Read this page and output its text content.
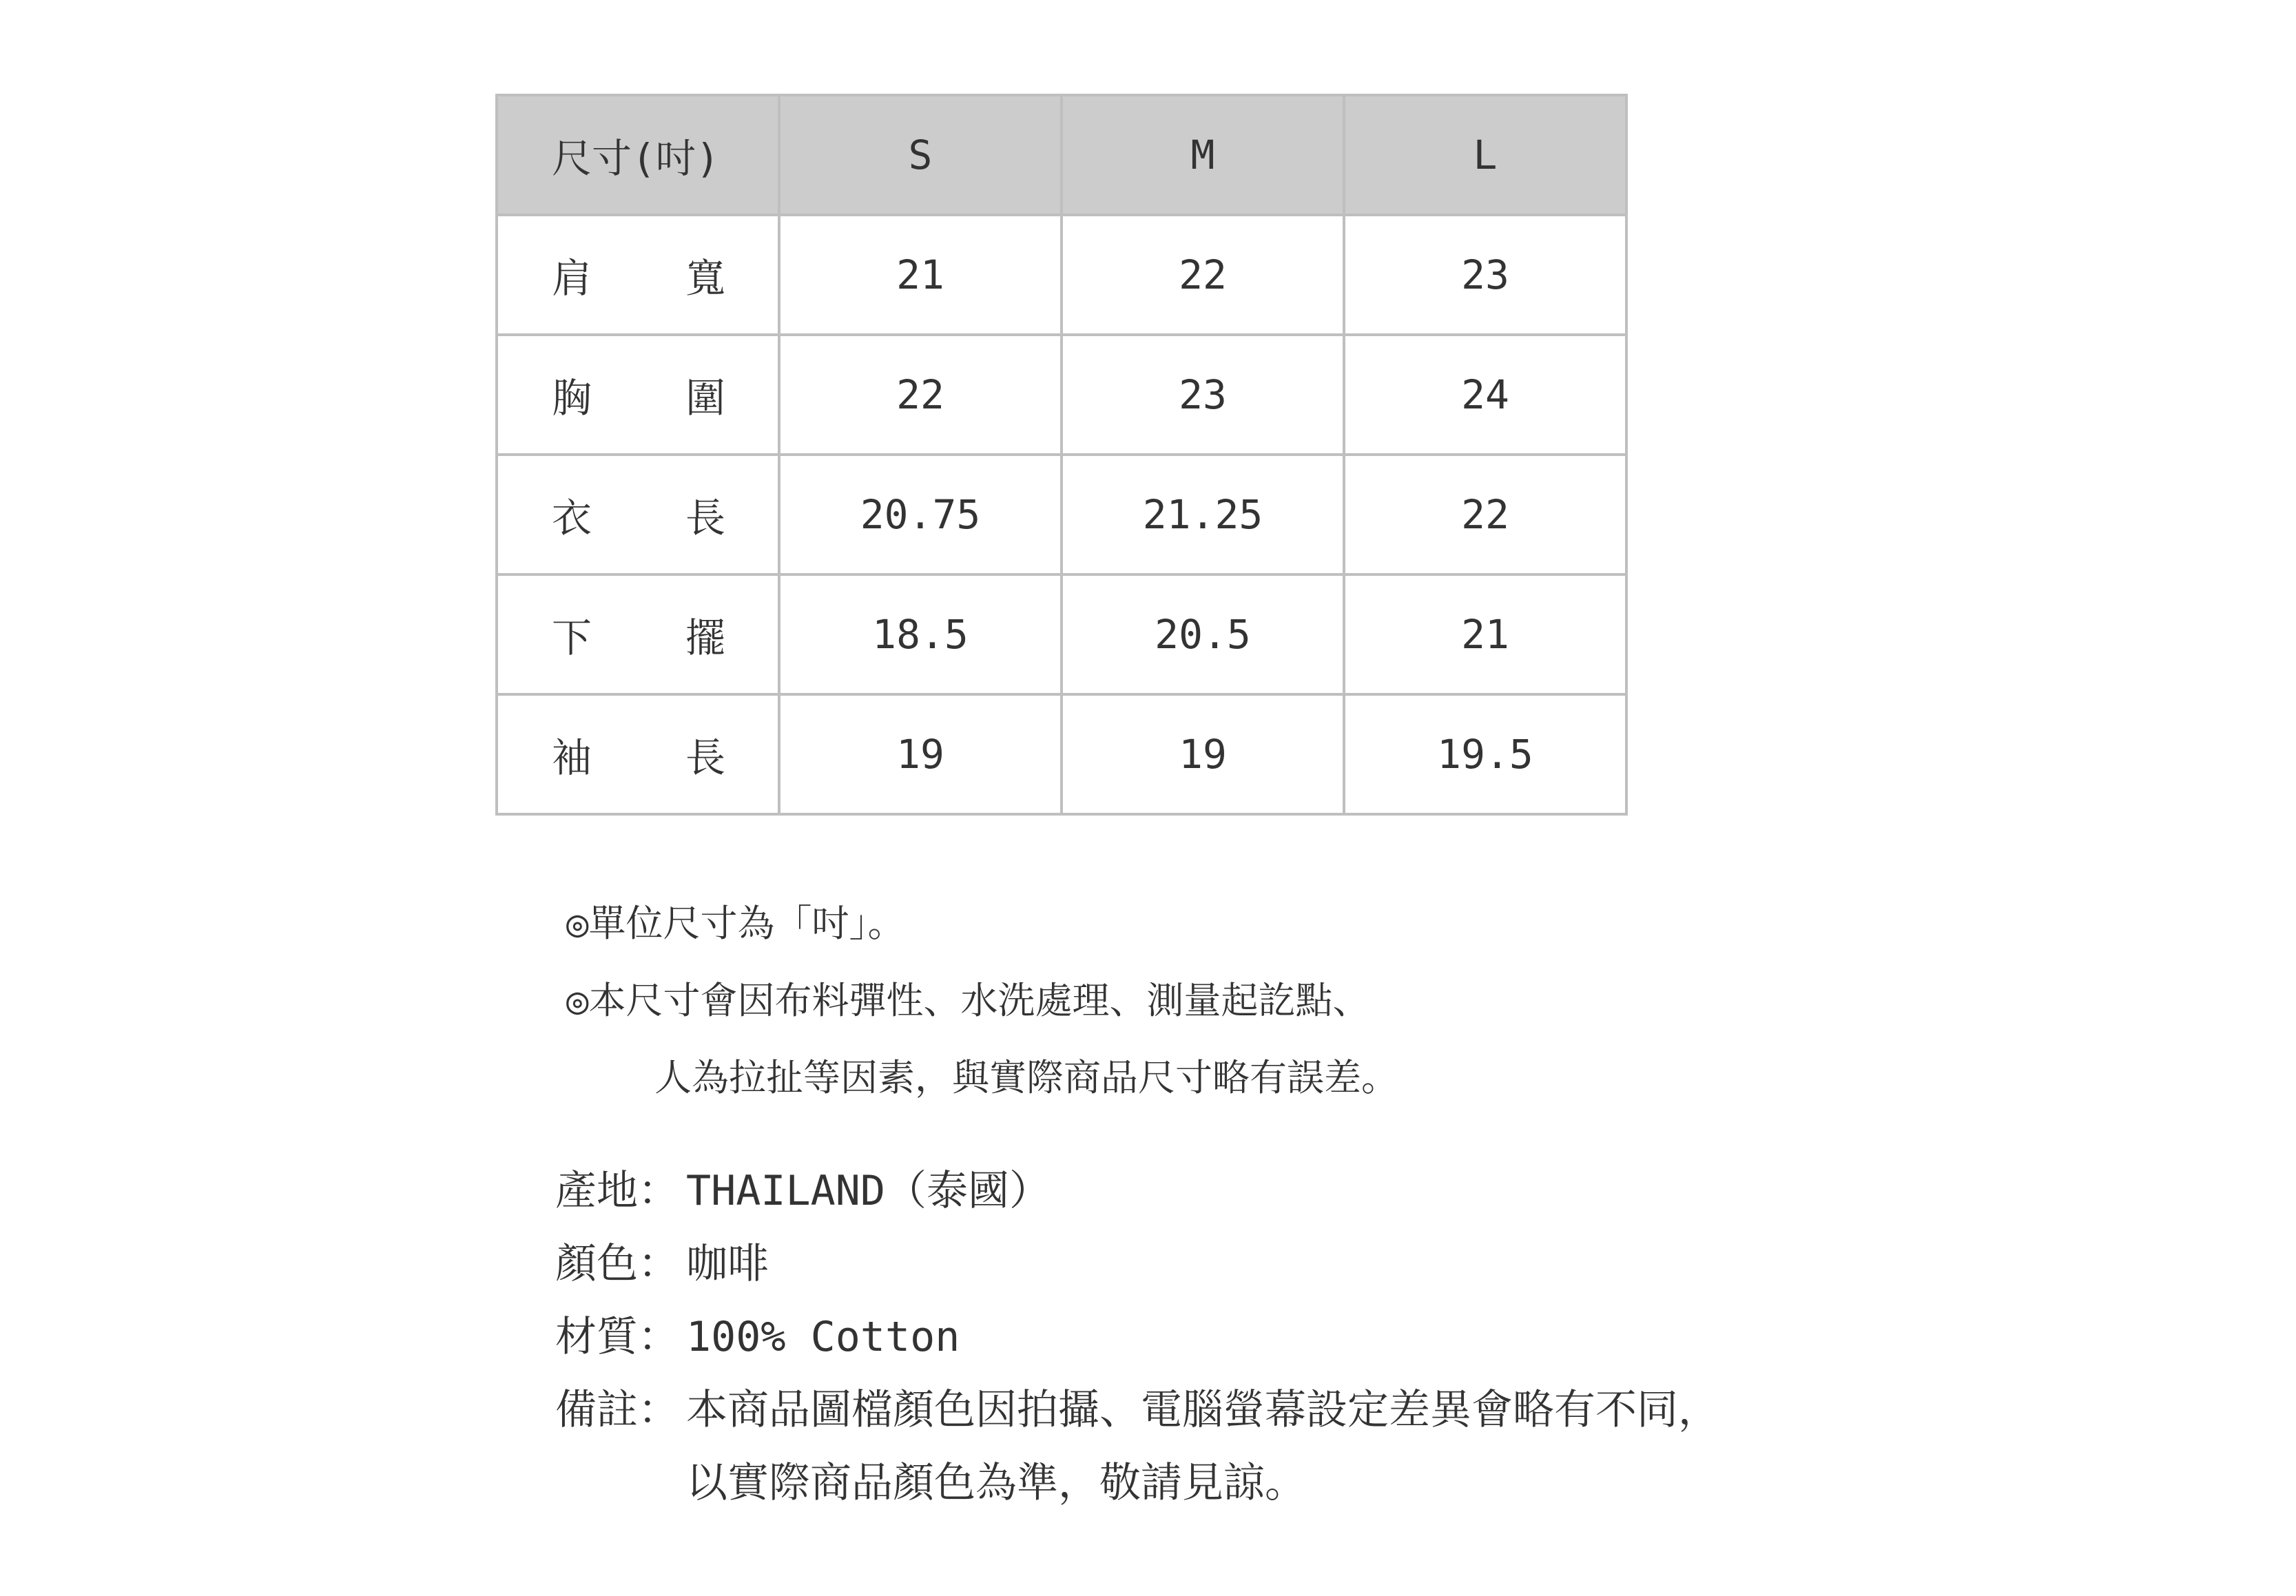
尺寸(吋)	S	M	L

肩 寬	21	22	23

胸 圍	22	23	24

衣 長	20.75	21.25	22

下 擺	18.5	20.5	21

袖 長	19	19	19.5
◎單位尺寸為「吋」。
◎本尺寸會因布料彈性、水洗處理、測量起訖點、
人為拉扯等因素，與實際商品尺寸略有誤差。
產地： THAILAND（泰國）
顏色： 咖啡
材質： 100% Cotton
備註： 本商品圖檔顏色因拍攝、電腦螢幕設定差異會略有不同，
以實際商品顏色為準，敬請見諒。
